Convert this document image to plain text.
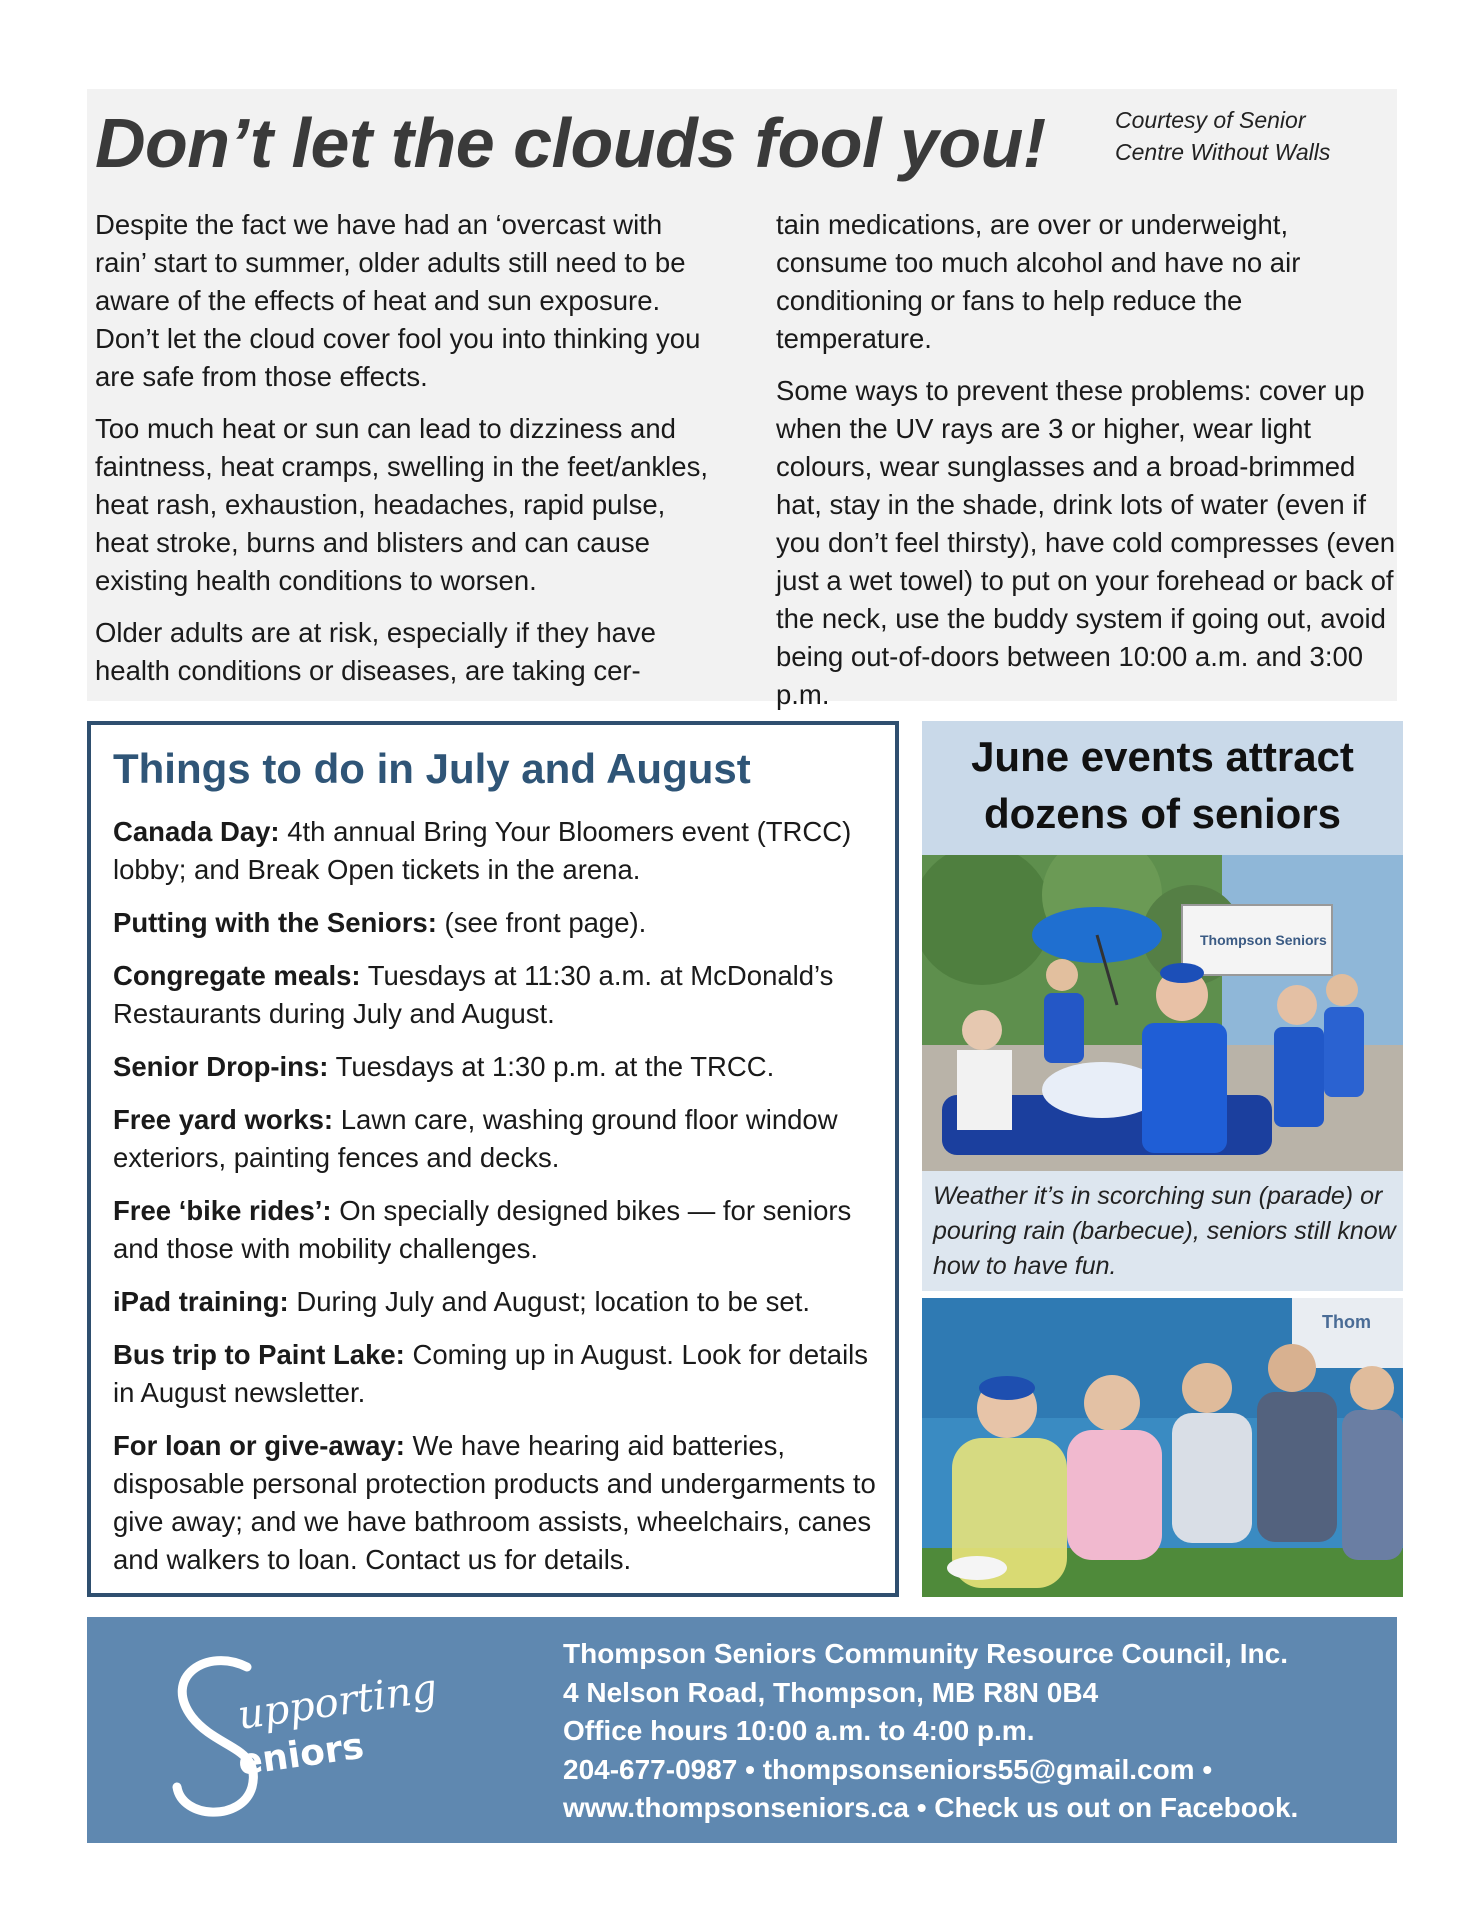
Don’t let the clouds fool you!	Courtesy of Senior
Centre Without Walls

Despite the fact we have had an ‘overcast with rain’ start to summer, older adults still need to be aware of the effects of heat and sun exposure. Don’t let the cloud cover fool you into thinking you are safe from those effects.

Too much heat or sun can lead to dizziness and faintness, heat cramps, swelling in the feet/ankles, heat rash, exhaustion, headaches, rapid pulse, heat stroke, burns and blisters and can cause existing health conditions to worsen.

Older adults are at risk, especially if they have health conditions or diseases, are taking cer-

tain medications, are over or underweight, consume too much alcohol and have no air conditioning or fans to help reduce the temperature.

Some ways to prevent these problems: cover up when the UV rays are 3 or higher, wear light colours, wear sunglasses and a broad-brimmed hat, stay in the shade, drink lots of water (even if you don’t feel thirsty), have cold compresses (even just a wet towel) to put on your forehead or back of the neck, use the buddy system if going out, avoid being out-of-doors between 10:00 a.m. and 3:00 p.m.

Things to do in July and August

Canada Day: 4th annual Bring Your Bloomers event (TRCC) lobby; and Break Open tickets in the arena.

Putting with the Seniors: (see front page).

Congregate meals: Tuesdays at 11:30 a.m. at McDonald’s Restaurants during July and August.

Senior Drop-ins: Tuesdays at 1:30 p.m. at the TRCC.

Free yard works: Lawn care, washing ground floor window exteriors, painting fences and decks.

Free ‘bike rides’: On specially designed bikes — for seniors and those with mobility challenges.

iPad training: During July and August; location to be set.

Bus trip to Paint Lake: Coming up in August. Look for details in August newsletter.

For loan or give-away: We have hearing aid batteries, disposable personal protection products and undergarments to give away; and we have bathroom assists, wheelchairs, canes and walkers to loan. Contact us for details.

June events attract
dozens of seniors
Thompson Seniors

Weather it’s in scorching sun (parade) or pouring rain (barbecue), seniors still know how to have fun.

Thom
upporting
eniors
Thompson Seniors Community Resource Council, Inc.
4 Nelson Road, Thompson, MB R8N 0B4
Office hours 10:00 a.m. to 4:00 p.m.
204-677-0987 • thompsonseniors55@gmail.com •
www.thompsonseniors.ca • Check us out on Facebook.
